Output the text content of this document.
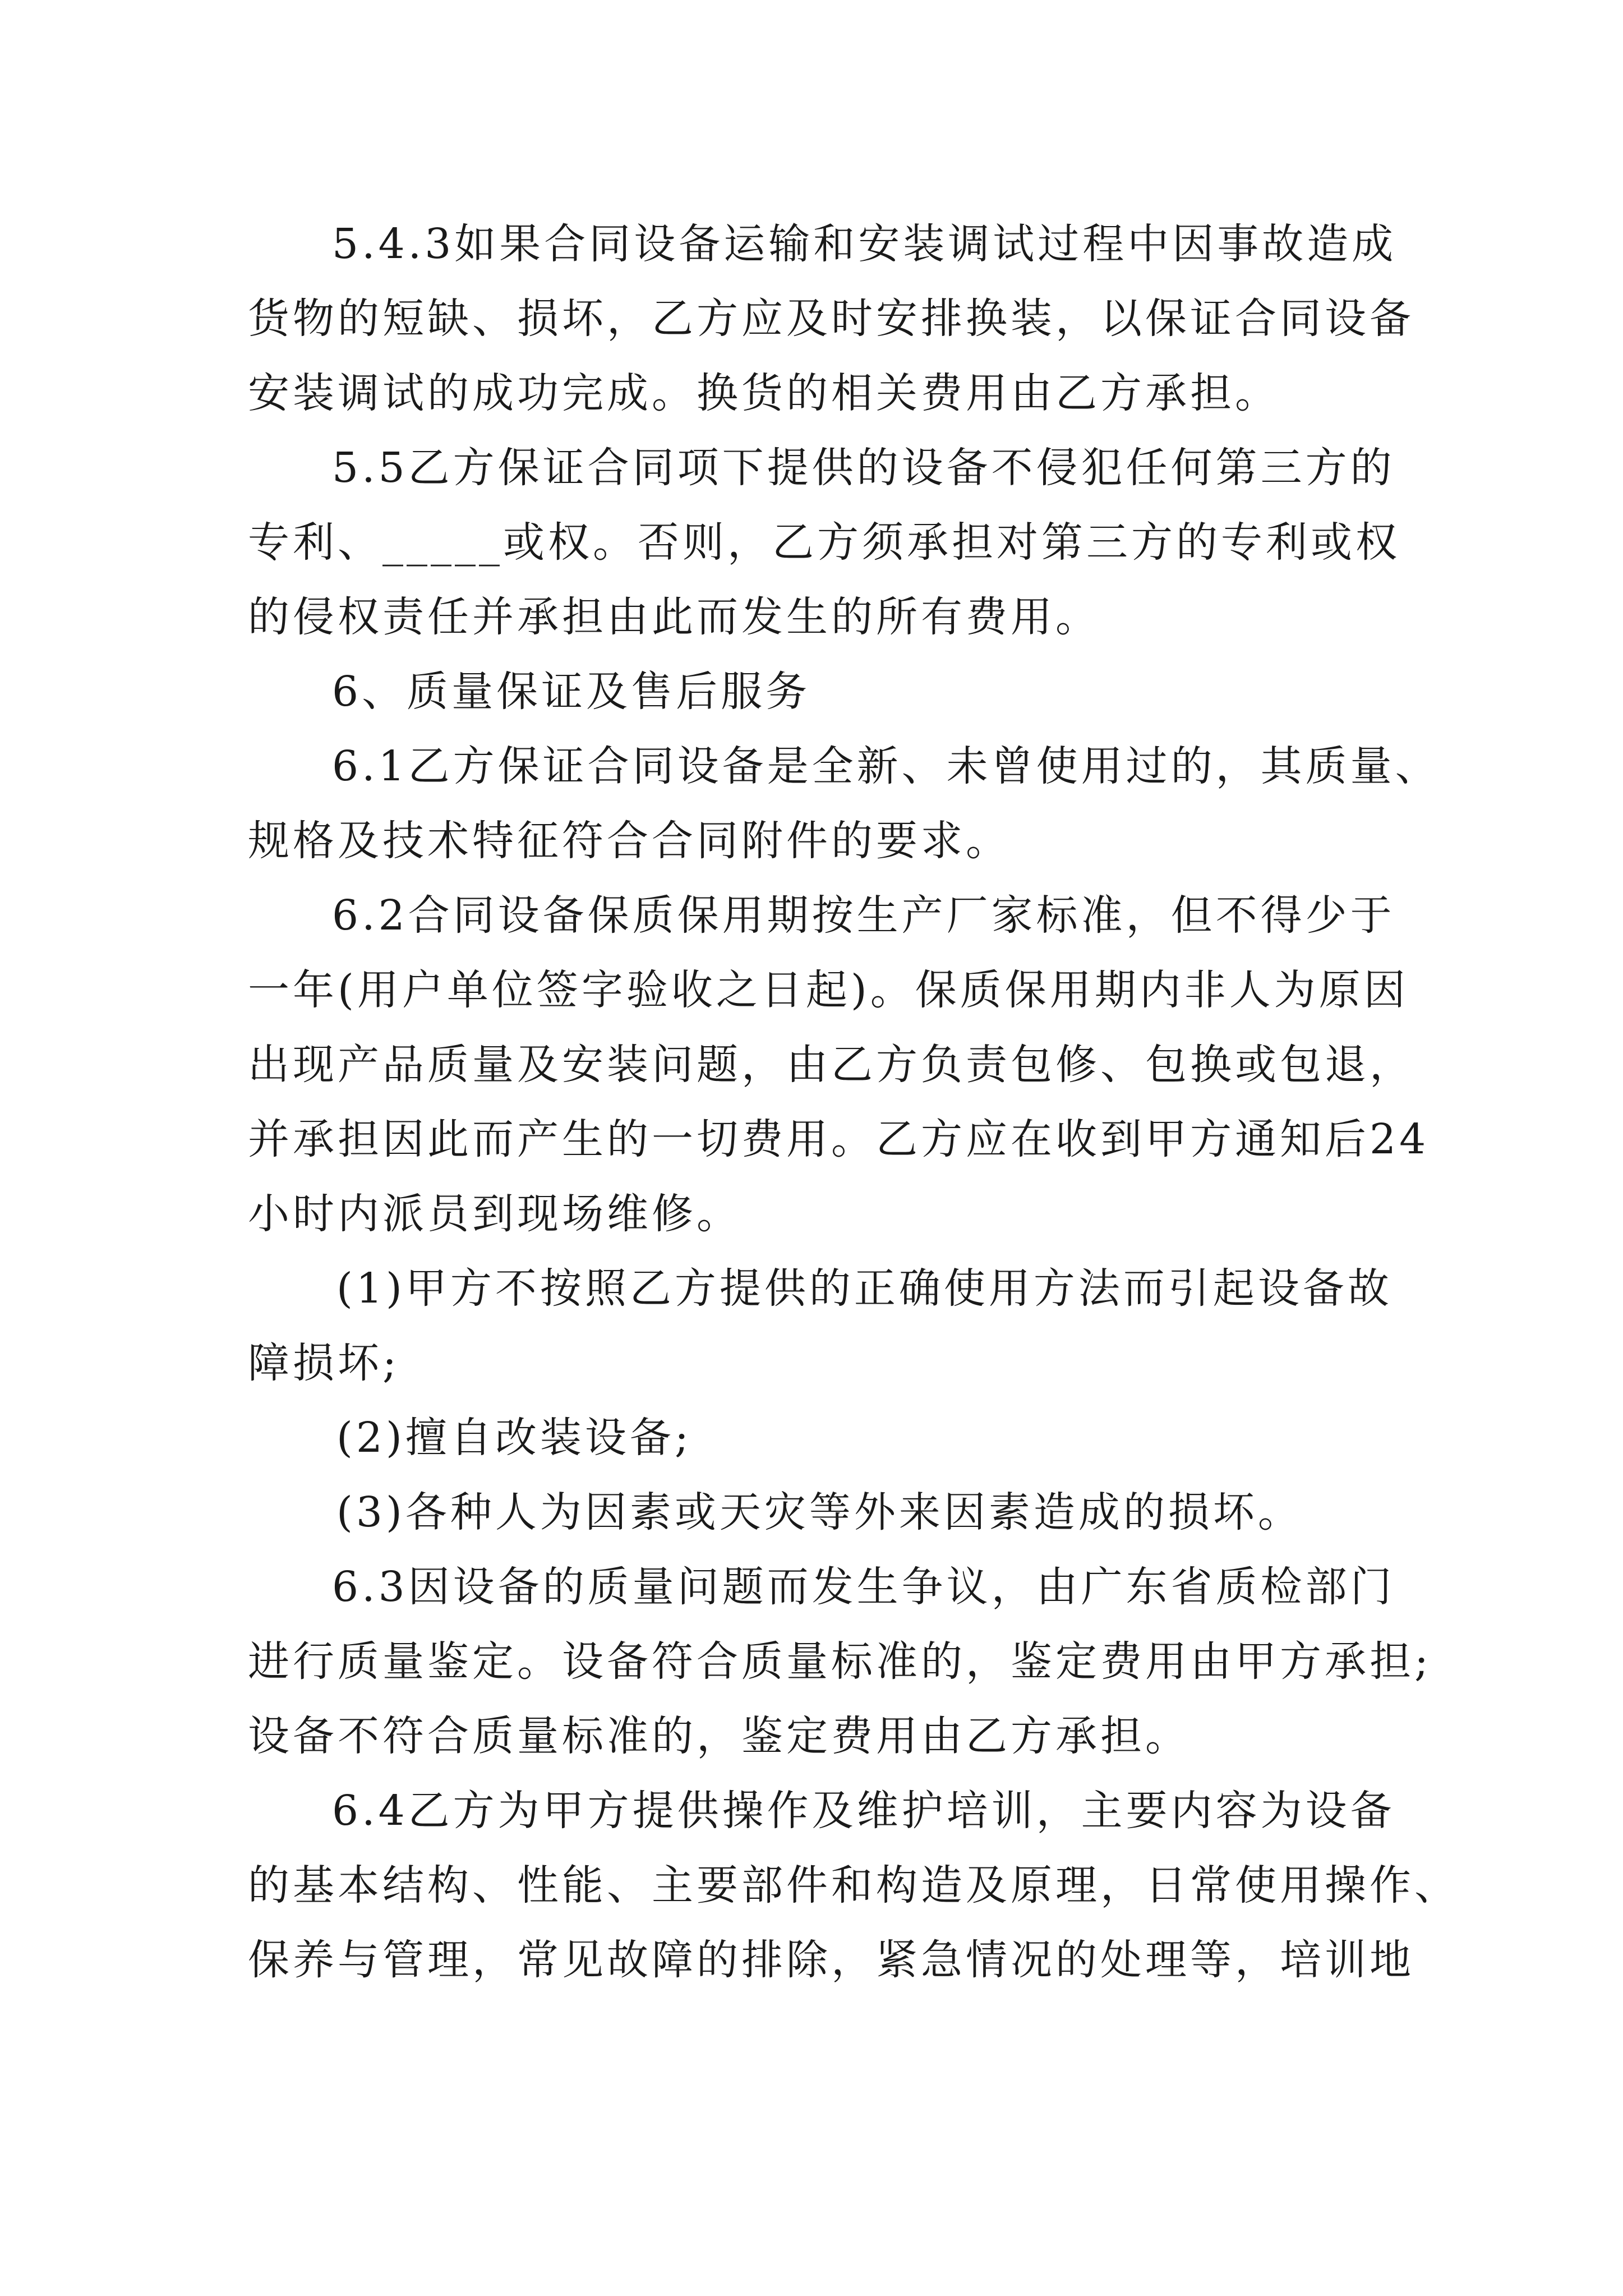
5.4.3如果合同设备运输和安装调试过程中因事故造成
货物的短缺、损坏，乙方应及时安排换装，以保证合同设备
安装调试的成功完成。换货的相关费用由乙方承担。
5.5乙方保证合同项下提供的设备不侵犯任何第三方的
专利、_____或权。否则，乙方须承担对第三方的专利或权
的侵权责任并承担由此而发生的所有费用。
6、质量保证及售后服务
6.1乙方保证合同设备是全新、未曾使用过的，其质量、
规格及技术特征符合合同附件的要求。
6.2合同设备保质保用期按生产厂家标准，但不得少于
一年(用户单位签字验收之日起)。保质保用期内非人为原因
出现产品质量及安装问题，由乙方负责包修、包换或包退，
并承担因此而产生的一切费用。乙方应在收到甲方通知后24
小时内派员到现场维修。
(1)甲方不按照乙方提供的正确使用方法而引起设备故
障损坏;
(2)擅自改装设备;
(3)各种人为因素或天灾等外来因素造成的损坏。
6.3因设备的质量问题而发生争议，由广东省质检部门
进行质量鉴定。设备符合质量标准的，鉴定费用由甲方承担;
设备不符合质量标准的，鉴定费用由乙方承担。
6.4乙方为甲方提供操作及维护培训，主要内容为设备
的基本结构、性能、主要部件和构造及原理，日常使用操作、
保养与管理，常见故障的排除，紧急情况的处理等，培训地
